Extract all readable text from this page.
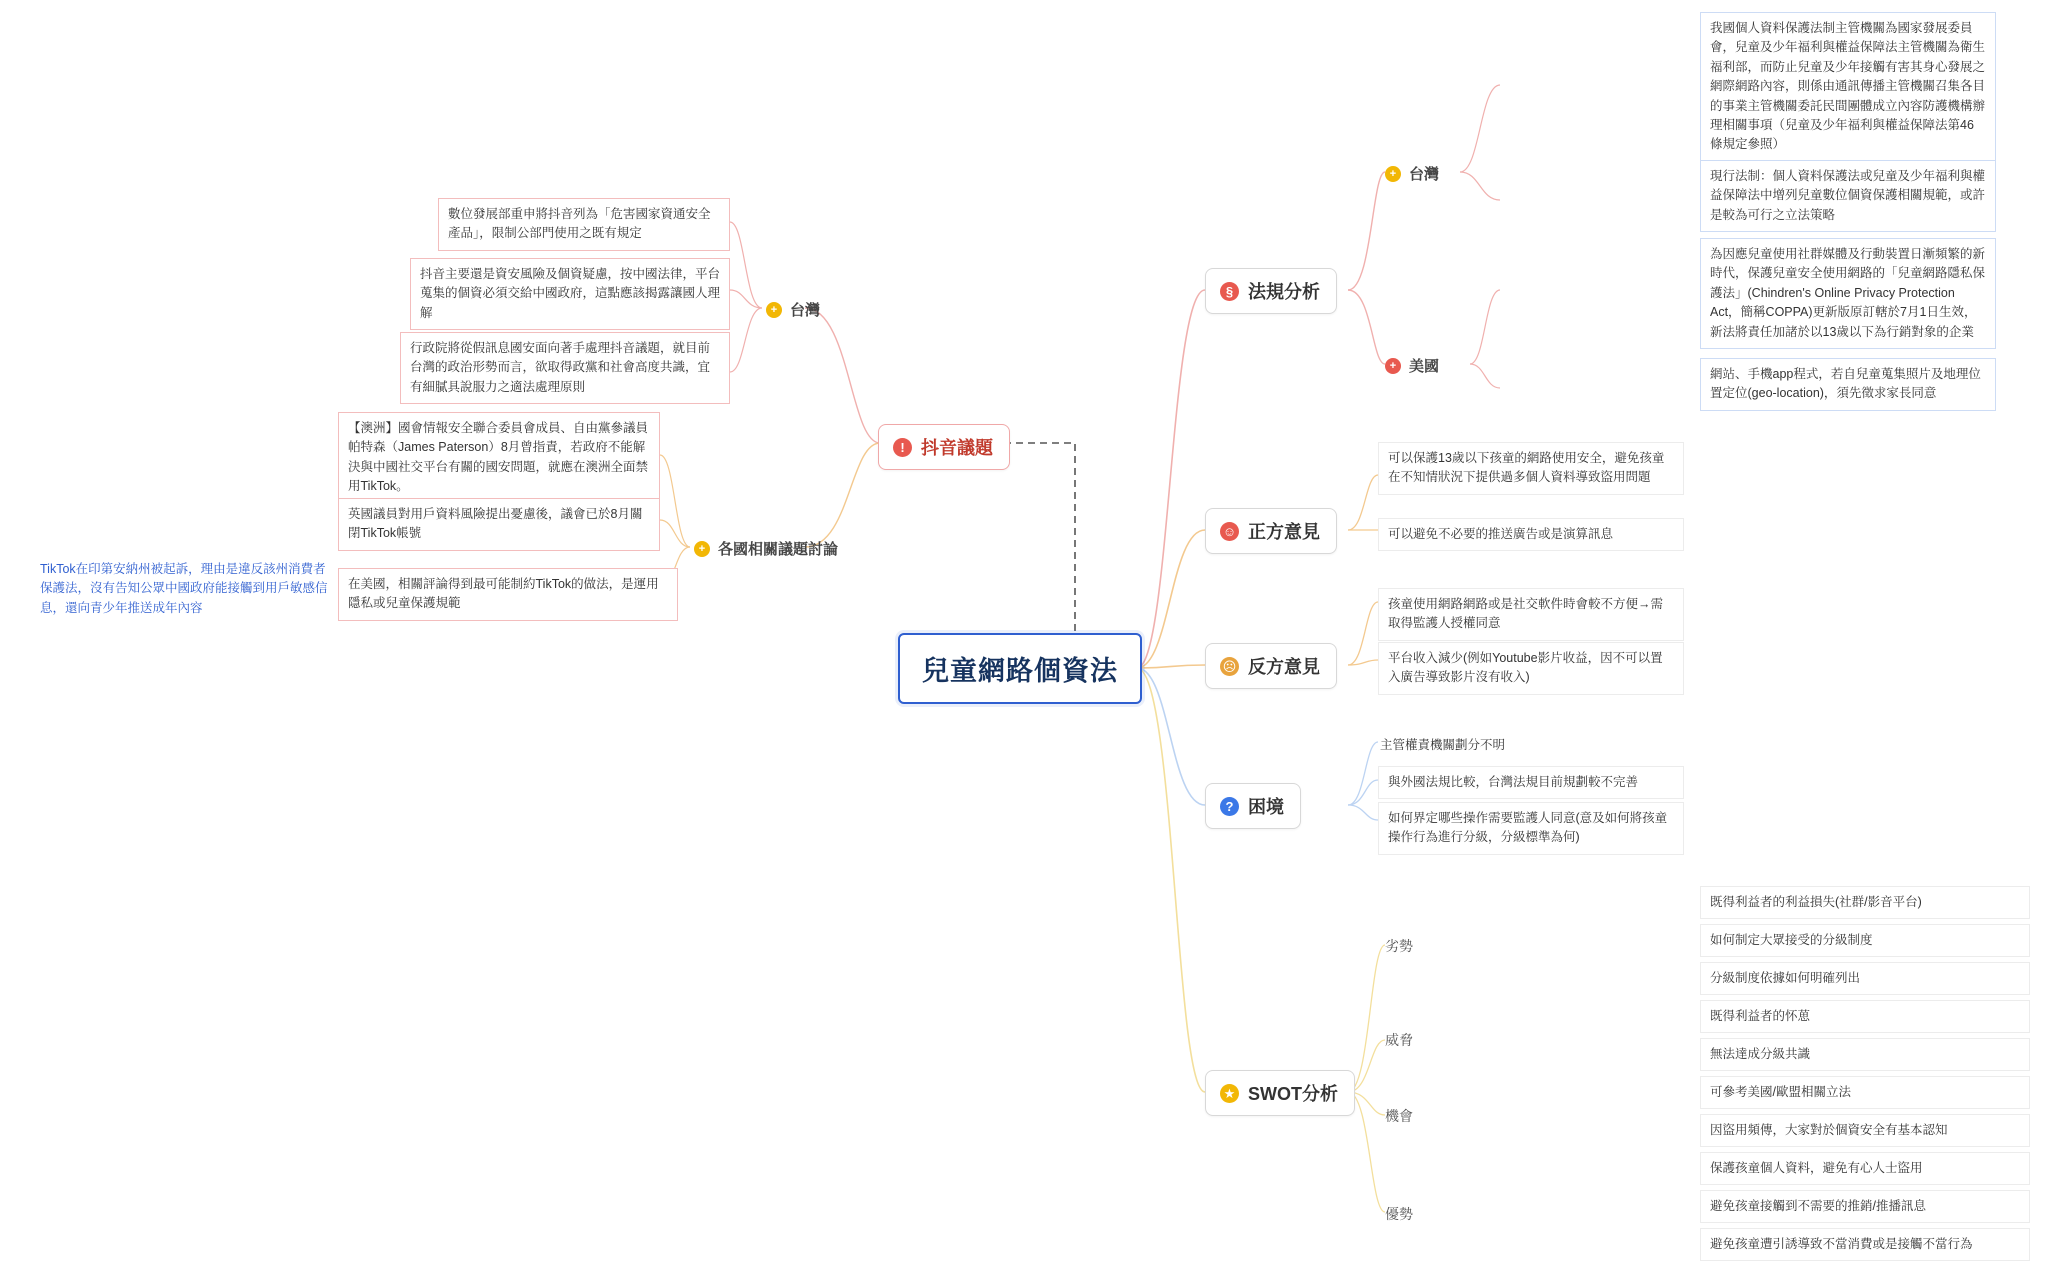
兒童網路個資法
! 抖音議題
+ 台灣
數位發展部重申將抖音列為「危害國家資通安全產品」，限制公部門使用之既有規定
抖音主要還是資安風險及個資疑慮，按中國法律，平台蒐集的個資必須交給中國政府，這點應該揭露讓國人理解
行政院將從假訊息國安面向著手處理抖音議題，就目前台灣的政治形勢而言，欲取得政黨和社會高度共識，宜有細膩具說服力之適法處理原則
+ 各國相關議題討論
【澳洲】國會情報安全聯合委員會成員、自由黨參議員帕特森（James Paterson）8月曾指責，若政府不能解決與中國社交平台有關的國安問題，就應在澳洲全面禁用TikTok。
英國議員對用戶資料風險提出憂慮後，議會已於8月關閉TikTok帳號
在美國，相關評論得到最可能制約TikTok的做法，是運用隱私或兒童保護規範
TikTok在印第安納州被起訴，理由是違反該州消費者保護法，沒有告知公眾中國政府能接觸到用戶敏感信息，還向青少年推送成年內容
§ 法規分析
+ 台灣
我國個人資料保護法制主管機關為國家發展委員會，兒童及少年福利與權益保障法主管機關為衛生福利部，而防止兒童及少年接觸有害其身心發展之網際網路內容，則係由通訊傳播主管機關召集各目的事業主管機關委託民間團體成立內容防護機構辦理相關事項（兒童及少年福利與權益保障法第46條規定參照）
現行法制：個人資料保護法或兒童及少年福利與權益保障法中增列兒童數位個資保護相關規範，或許是較為可行之立法策略
+ 美國
為因應兒童使用社群媒體及行動裝置日漸頻繁的新時代，保護兒童安全使用網路的「兒童網路隱私保護法」(Chindren's Online Privacy Protection Act，簡稱COPPA)更新版原訂轄於7月1日生效，新法將責任加諸於以13歲以下為行銷對象的企業
網站、手機app程式，若自兒童蒐集照片及地理位置定位(geo-location)，須先徵求家長同意
☺ 正方意見
可以保護13歲以下孩童的網路使用安全，避免孩童在不知情狀況下提供過多個人資料導致盜用問題
可以避免不必要的推送廣告或是演算訊息
☹ 反方意見
孩童使用網路網路或是社交軟件時會較不方便→需取得監護人授權同意
平台收入減少(例如Youtube影片收益，因不可以置入廣告導致影片沒有收入)
? 困境
主管權責機關劃分不明
與外國法規比較，台灣法規目前規劃較不完善
如何界定哪些操作需要監護人同意(意及如何將孩童操作行為進行分級，分級標準為何)
★ SWOT分析
劣勢
既得利益者的利益損失(社群/影音平台)
如何制定大眾接受的分級制度
分級制度依據如何明確列出
威脅
既得利益者的怀葸
無法達成分級共識
機會
可參考美國/歐盟相關立法
因盜用頻傳，大家對於個資安全有基本認知
優勢
保護孩童個人資料，避免有心人士盜用
避免孩童接觸到不需要的推銷/推播訊息
避免孩童遭引誘導致不當消費或是接觸不當行為
